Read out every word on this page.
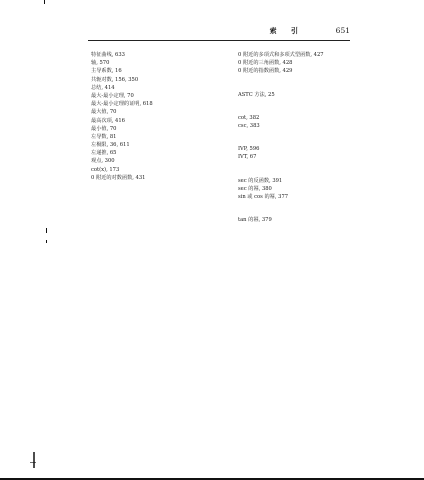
索 引	651
特征曲线, 633
轴, 570
主导系数, 16
共轭对数, 156, 350
总结, 414
最大-最小定理, 70
最大-最小定理的证明, 618
最大值, 70
最高次项, 416
最小值, 70
左导数, 81
左极限, 36, 611
左递推, 65
观点, 300
cot(x), 173
0 附近的对数函数, 431
0 附近的多项式和多项式型函数, 427
0 附近的三角函数, 428
0 附近的指数函数, 429
ASTC 方法, 25
cot, 382
csc, 383
IVP, 596
IVT, 67
sec 的反函数, 391
sec 的幂, 380
sin 或 cos 的幂, 377
tan 的幂, 379
